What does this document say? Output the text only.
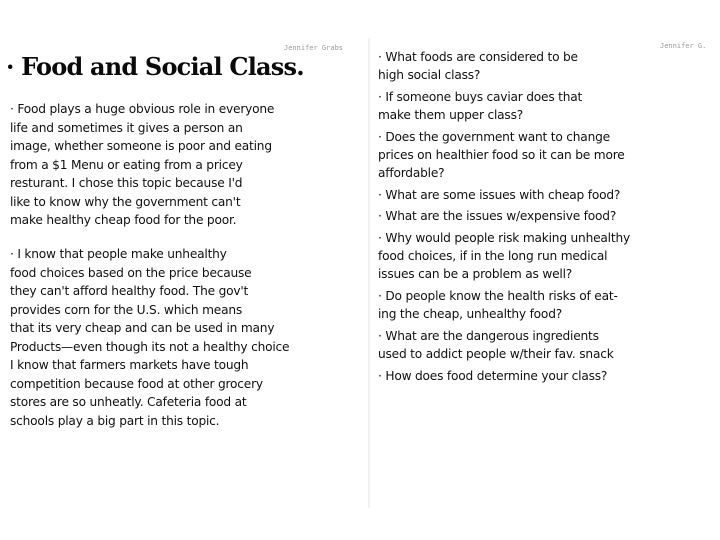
Jennifer Grabs
· Food and Social Class.
· Food plays a huge obvious role in everyone
life and sometimes it gives a person an
image, whether someone is poor and eating
from a $1 Menu or eating from a pricey
resturant. I chose this topic because I'd
like to know why the government can't
make healthy cheap food for the poor.
· I know that people make unhealthy
food choices based on the price because
they can't afford healthy food. The gov't
provides corn for the U.S. which means
that its very cheap and can be used in many
Products—even though its not a healthy choice
I know that farmers markets have tough
competition because food at other grocery
stores are so unheatly. Cafeteria food at
schools play a big part in this topic.
Jennifer G.
· What foods are considered to be
high social class?
· If someone buys caviar does that
make them upper class?
· Does the government want to change
prices on healthier food so it can be more
affordable?
· What are some issues with cheap food?
· What are the issues w/expensive food?
· Why would people risk making unhealthy
food choices, if in the long run medical
issues can be a problem as well?
· Do people know the health risks of eat-
ing the cheap, unhealthy food?
· What are the dangerous ingredients
used to addict people w/their fav. snack
· How does food determine your class?
